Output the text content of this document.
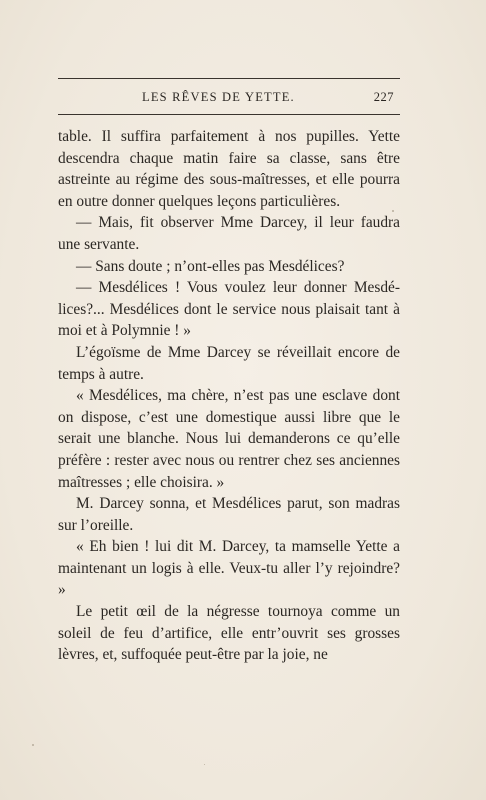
LES RÊVES DE YETTE.	227

table. Il suffira parfaitement à nos pupilles. Yette descendra chaque matin faire sa classe, sans être astreinte au régime des sous-maîtresses, et elle pourra en outre donner quelques leçons particulières.

— Mais, fit observer Mme Darcey, il leur faudra une servante.

— Sans doute ; n’ont-elles pas Mesdélices?

— Mesdélices ! Vous voulez leur donner Mesdélices?... Mesdélices dont le service nous plaisait tant à moi et à Polymnie ! »

L’égoïsme de Mme Darcey se réveillait encore de temps à autre.

« Mesdélices, ma chère, n’est pas une esclave dont on dispose, c’est une domestique aussi libre que le serait une blanche. Nous lui demanderons ce qu’elle préfère : rester avec nous ou rentrer chez ses anciennes maîtresses ; elle choisira. »

M. Darcey sonna, et Mesdélices parut, son madras sur l’oreille.

« Eh bien ! lui dit M. Darcey, ta mamselle Yette a maintenant un logis à elle. Veux-tu aller l’y rejoindre? »

Le petit œil de la négresse tournoya comme un soleil de feu d’artifice, elle entr’ouvrit ses grosses lèvres, et, suffoquée peut-être par la joie, ne
